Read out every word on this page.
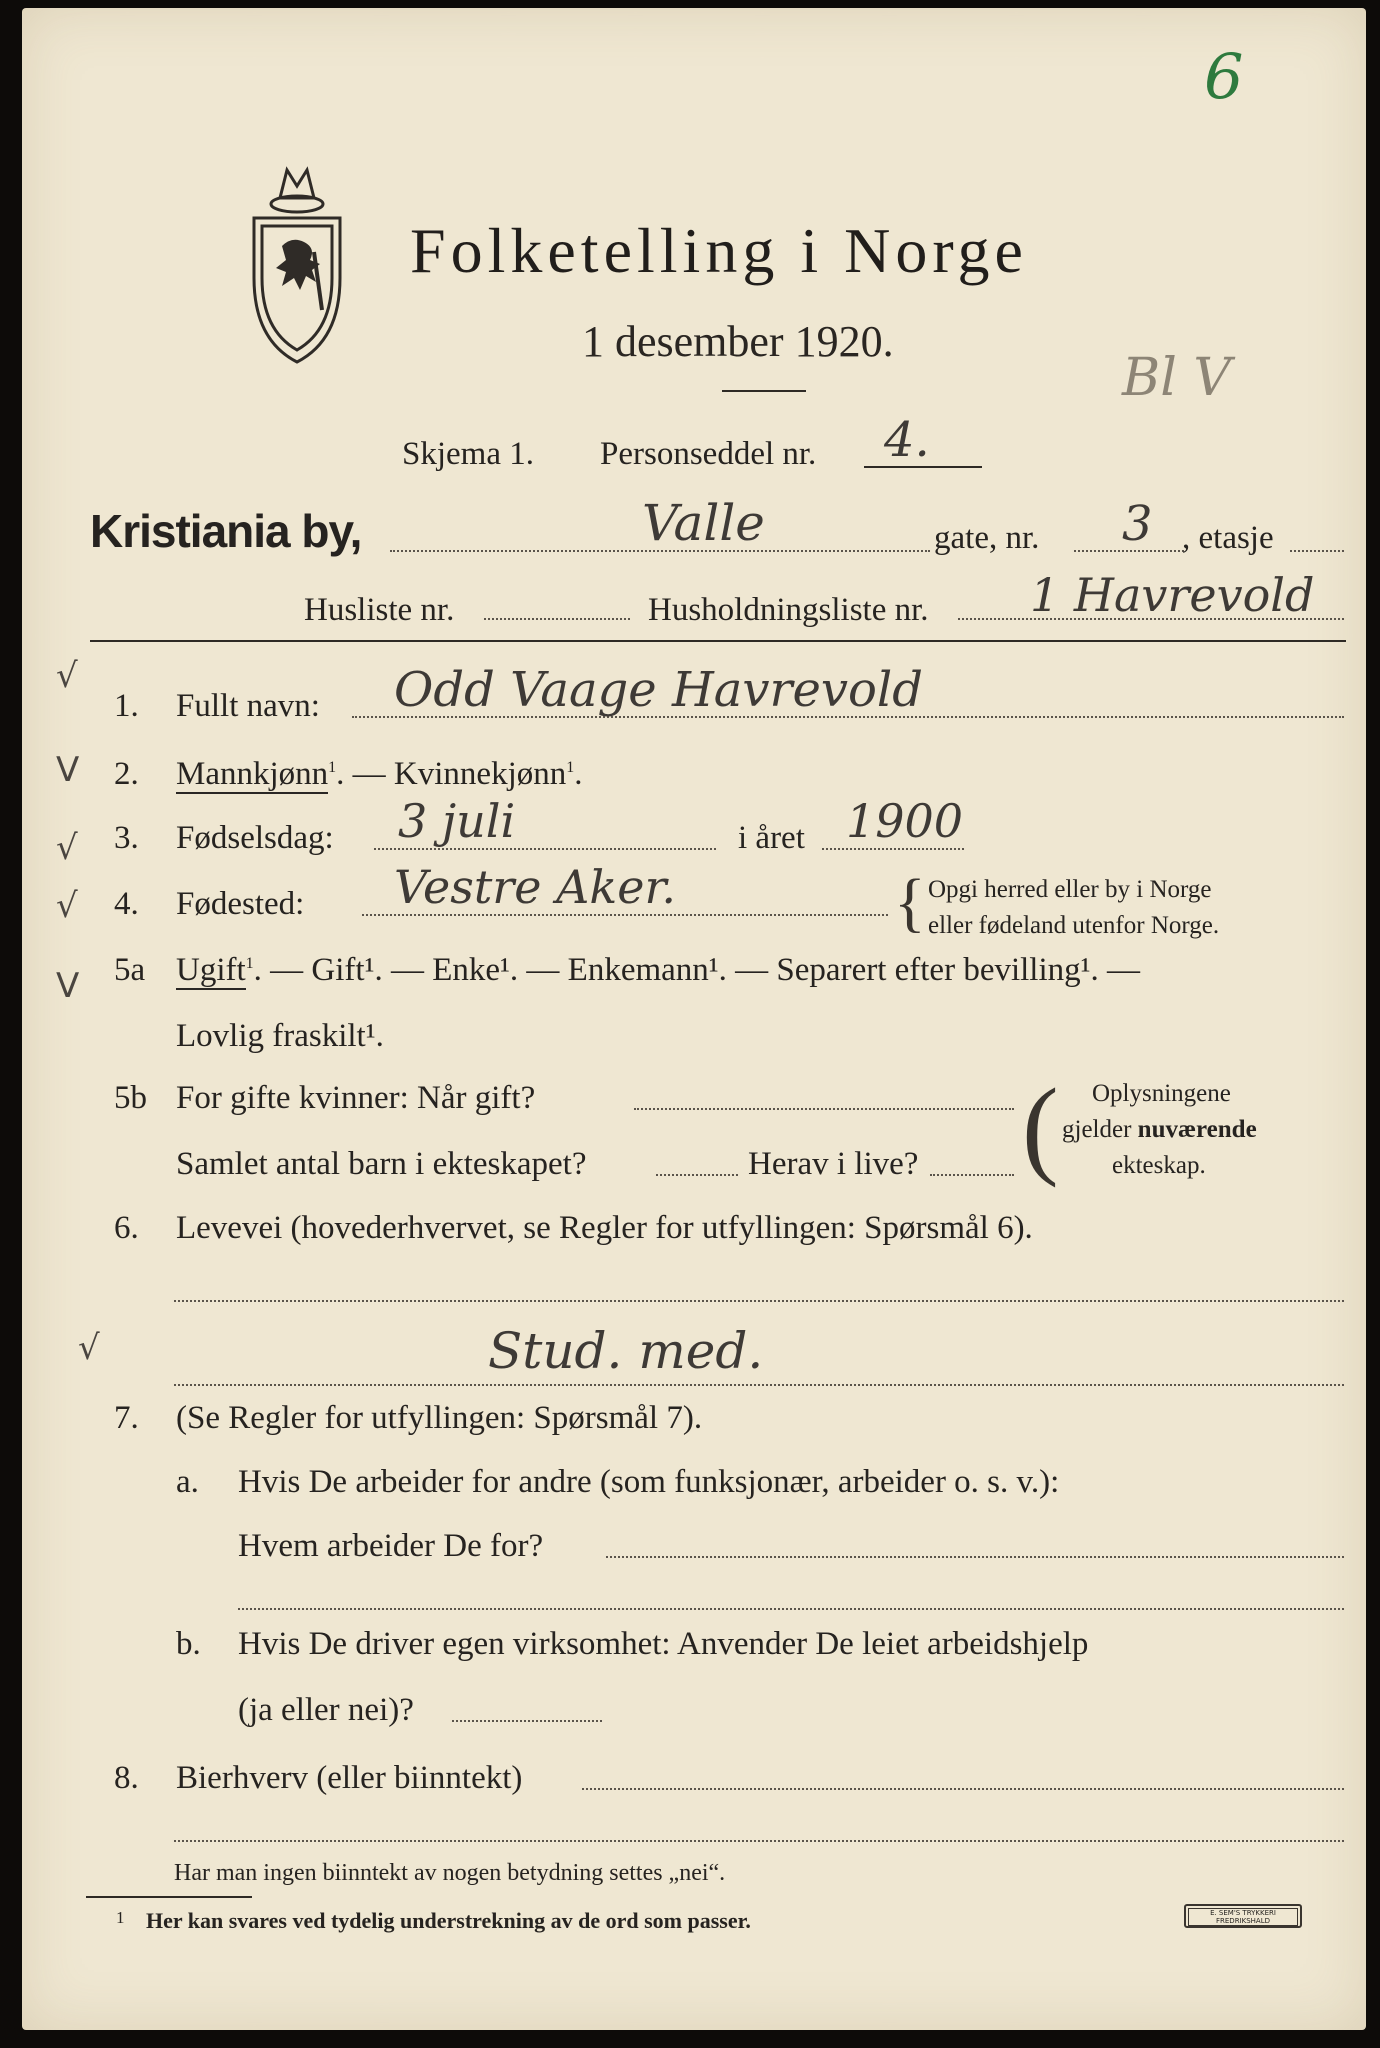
6
Bl V
Folketelling i Norge
1 desember 1920.
Skjema 1. Personseddel nr. 4.
Kristiania by,	Valle	gate, nr. 3 , etasje
Husliste nr.	Husholdningsliste nr. 1 Havrevold
√
V
√
√
V
√
1. Fullt navn: Odd Vaage Havrevold
2. Mannkjønn$^1$. — Kvinnekjønn$^1$.
3. Fødselsdag: 3 juli	i året 1900
4. Fødested: Vestre Aker.	{ Opgi herred eller by i Norge
eller fødeland utenfor Norge.
5a Ugift$^1$. — Gift¹. — Enke¹. — Enkemann¹. — Separert efter bevilling¹. —
Lovlig fraskilt¹.
5b For gifte kvinner: Når gift?
Samlet antal barn i ekteskapet?	Herav i live? ( Oplysningene
gjelder nuværende
ekteskap.
6. Levevei (hovederhvervet, se Regler for utfyllingen: Spørsmål 6).
Stud. med.
7. (Se Regler for utfyllingen: Spørsmål 7).
a. Hvis De arbeider for andre (som funksjonær, arbeider o. s. v.):
Hvem arbeider De for?
b. Hvis De driver egen virksomhet: Anvender De leiet arbeidshjelp
(ja eller nei)?
8. Bierhverv (eller biinntekt)
Har man ingen biinntekt av nogen betydning settes „nei“.
1 Her kan svares ved tydelig understrekning av de ord som passer.	E. SEM'S TRYKKERI FREDRIKSHALD
